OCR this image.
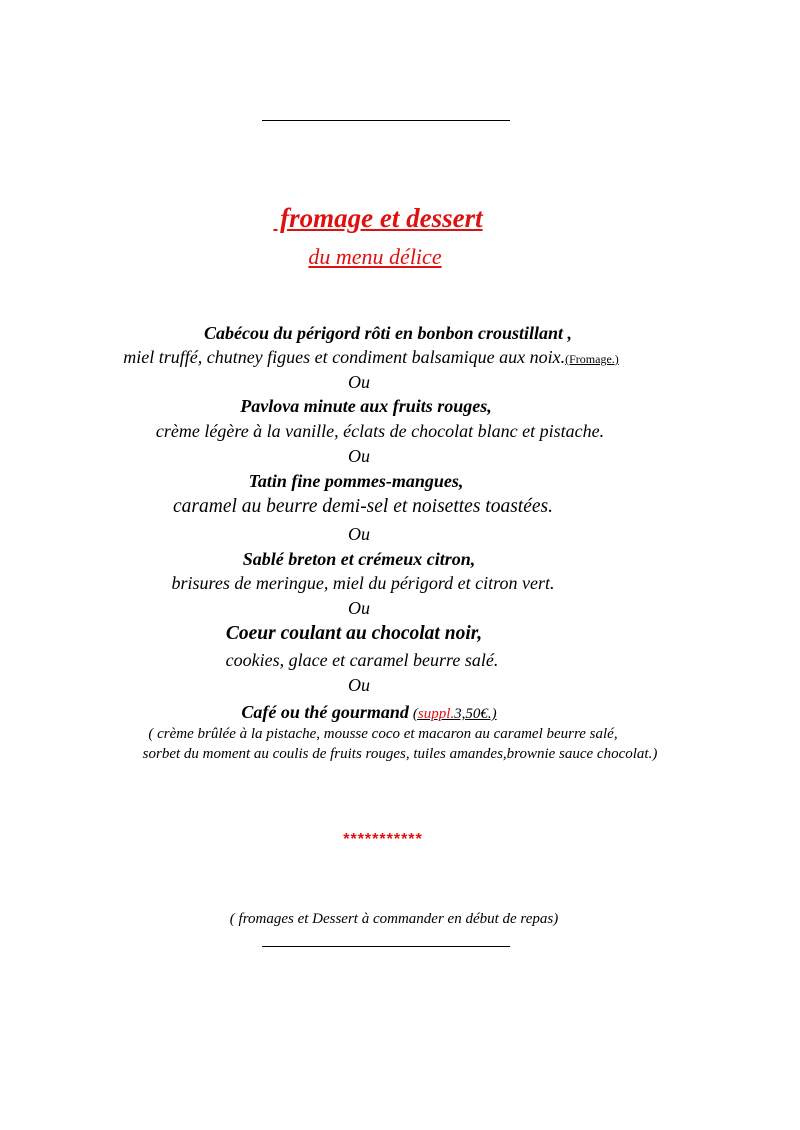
fromage et dessert
du menu délice
Cabécou du périgord rôti en bonbon croustillant ,
miel truffé, chutney figues et condiment balsamique aux noix.(Fromage.)
Ou
Pavlova minute aux fruits rouges,
crème légère à la vanille, éclats de chocolat blanc et pistache.
Ou
Tatin fine pommes-mangues,
caramel au beurre demi-sel et noisettes toastées.
Ou
Sablé breton et crémeux citron,
brisures de meringue, miel du périgord et citron vert.
Ou
Coeur coulant au chocolat noir,
cookies, glace et caramel beurre salé.
Ou
Café ou thé gourmand (suppl.3,50€.)
( crème brûlée à la pistache, mousse coco et macaron au caramel beurre salé,
sorbet du moment au coulis de fruits rouges, tuiles amandes,brownie sauce chocolat.)
***********
( fromages et Dessert à commander en début de repas)
